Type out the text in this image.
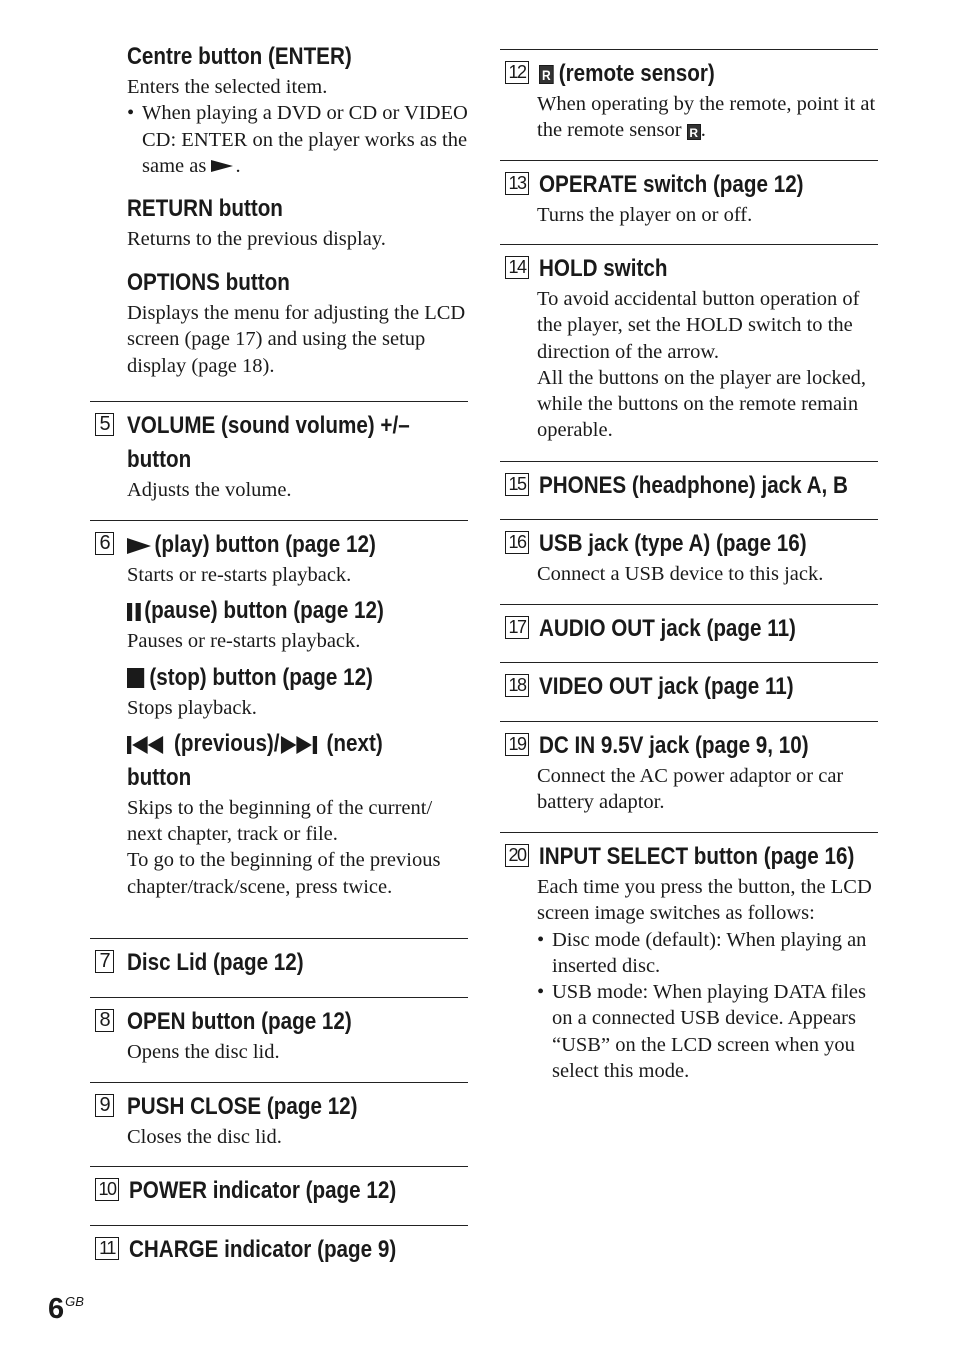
Centre button (ENTER)
Enters the selected item.
• When playing a DVD or CD or VIDEO CD: ENTER on the player works as the same as .
RETURN button
Returns to the previous display.
OPTIONS button
Displays the menu for adjusting the LCD screen (page 17) and using the setup display (page 18).
5 VOLUME (sound volume) +/– button
Adjusts the volume.
6	(play) button (page 12)
Starts or re-starts playback.
(pause) button (page 12)
Pauses or re-starts playback.
(stop) button (page 12)
Stops playback.
(previous)/ (next)
button
Skips to the beginning of the current/ next chapter, track or file.
To go to the beginning of the previous chapter/track/scene, press twice.
7 Disc Lid (page 12)
8 OPEN button (page 12)
Opens the disc lid.
9 PUSH CLOSE (page 12)
Closes the disc lid.
10 POWER indicator (page 12)
11 CHARGE indicator (page 9)
12 R (remote sensor)
When operating by the remote, point it at the remote sensor R .
13 OPERATE switch (page 12)
Turns the player on or off.
14 HOLD switch
To avoid accidental button operation of the player, set the HOLD switch to the direction of the arrow.
All the buttons on the player are locked, while the buttons on the remote remain operable.
15 PHONES (headphone) jack A, B
16 USB jack (type A) (page 16)
Connect a USB device to this jack.
17 AUDIO OUT jack (page 11)
18 VIDEO OUT jack (page 11)
19 DC IN 9.5V jack (page 9, 10)
Connect the AC power adaptor or car battery adaptor.
20 INPUT SELECT button (page 16)
Each time you press the button, the LCD screen image switches as follows:
• Disc mode (default): When playing an inserted disc.
• USB mode: When playing DATA files on a connected USB device. Appears “USB” on the LCD screen when you select this mode.
$6^{GB}$
